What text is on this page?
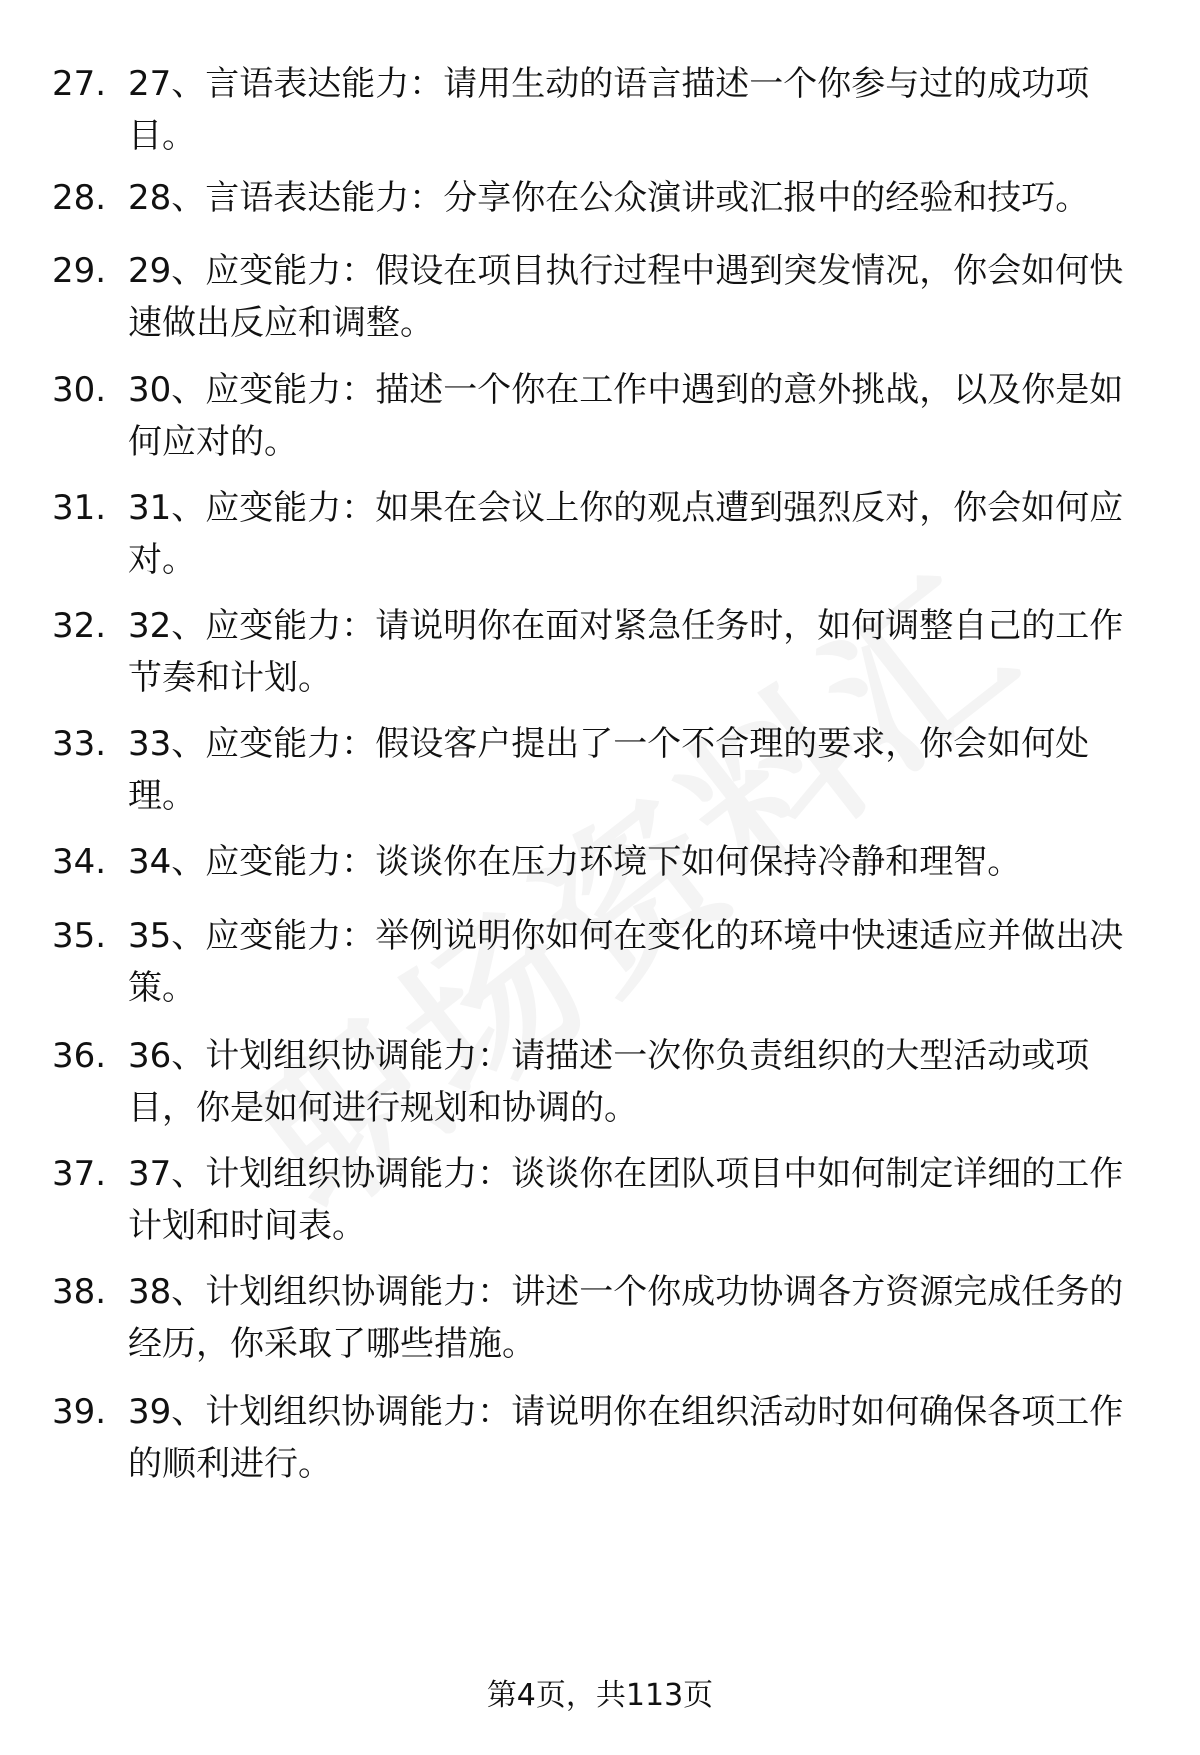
27. 27、言语表达能力：请用生动的语言描述一个你参与过的成功项目。
28. 28、言语表达能力：分享你在公众演讲或汇报中的经验和技巧。
29. 29、应变能力：假设在项目执行过程中遇到突发情况，你会如何快速做出反应和调整。
30. 30、应变能力：描述一个你在工作中遇到的意外挑战，以及你是如何应对的。
31. 31、应变能力：如果在会议上你的观点遭到强烈反对，你会如何应对。
32. 32、应变能力：请说明你在面对紧急任务时，如何调整自己的工作节奏和计划。
33. 33、应变能力：假设客户提出了一个不合理的要求，你会如何处理。
34. 34、应变能力：谈谈你在压力环境下如何保持冷静和理智。
35. 35、应变能力：举例说明你如何在变化的环境中快速适应并做出决策。
36. 36、计划组织协调能力：请描述一次你负责组织的大型活动或项目，你是如何进行规划和协调的。
37. 37、计划组织协调能力：谈谈你在团队项目中如何制定详细的工作计划和时间表。
38. 38、计划组织协调能力：讲述一个你成功协调各方资源完成任务的经历，你采取了哪些措施。
39. 39、计划组织协调能力：请说明你在组织活动时如何确保各项工作的顺利进行。
第4页，共113页
